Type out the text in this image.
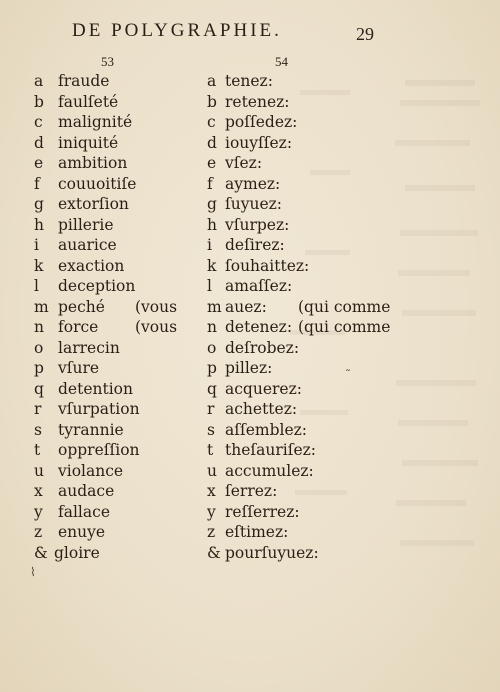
DE POLYGRAPHIE.	29
53	54
a fraude
b faulſeté
c malignité
d iniquité
e ambition
f couuoitiſe
g extorſion
h pillerie
i auarice
k exaction
l deception
m peché (vous
n force (vous
o larrecin
p vſure
q detention
r vſurpation
s tyrannie
t oppreſſion
u violance
x audace
y fallace
z enuye
& gloire
a tenez:
b retenez:
c poſſedez:
d iouyſſez:
e vſez:
f aymez:
g ſuyuez:
h vſurpez:
i deſirez:
k ſouhaittez:
l amaſſez:
m auez: (qui comme
n detenez: (qui comme
o deſrobez:
p pillez:
q acquerez:
r achettez:
s aſſemblez:
t theſauriſez:
u accumulez:
x ſerrez:
y reſſerrez:
z eſtimez:
& pourſuyuez:
⌇
˜
